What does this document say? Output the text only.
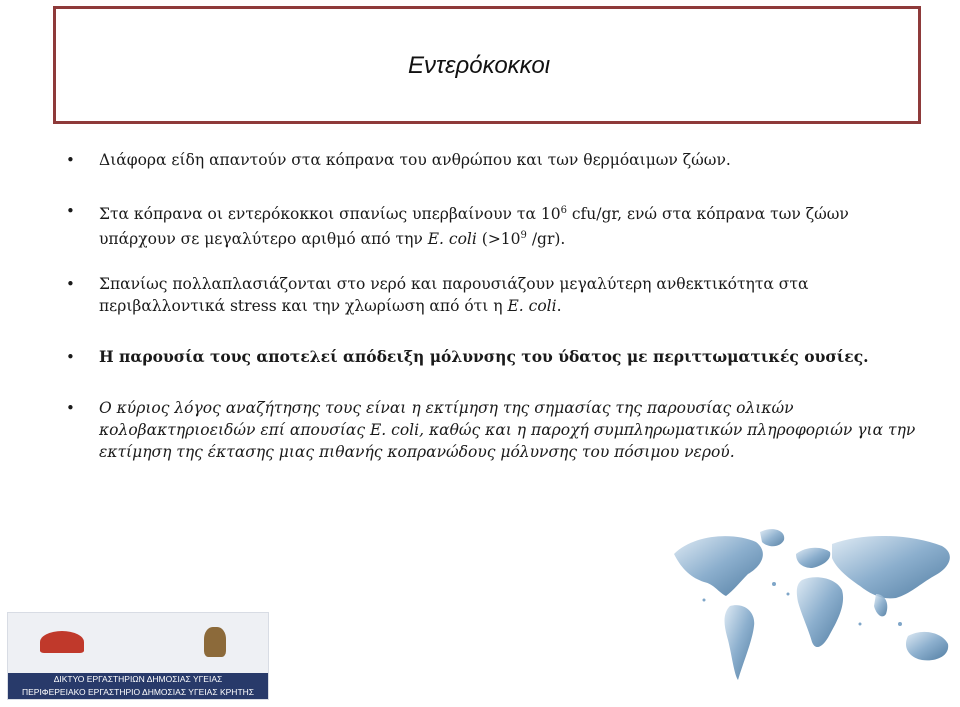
Εντερόκοκκοι
• Διάφορα είδη απαντούν στα κόπρανα του ανθρώπου και των θερμόαιμων ζώων.
• Στα κόπρανα οι εντερόκοκκοι σπανίως υπερβαίνουν τα $10^6$ cfu/gr, ενώ στα κόπρανα των ζώων υπάρχουν σε μεγαλύτερο αριθμό από την E. coli ($>10^9$ /gr).
• Σπανίως πολλαπλασιάζονται στο νερό και παρουσιάζουν μεγαλύτερη ανθεκτικότητα στα περιβαλλοντικά stress και την χλωρίωση από ότι η E. coli.
• Η παρουσία τους αποτελεί απόδειξη μόλυνσης του ύδατος με περιττωματικές ουσίες.
• Ο κύριος λόγος αναζήτησης τους είναι η εκτίμηση της σημασίας της παρουσίας ολικών κολοβακτηριοειδών επί απουσίας E. coli, καθώς και η παροχή συμπληρωματικών πληροφοριών για την εκτίμηση της έκτασης μιας πιθανής κοπρανώδους μόλυνσης του πόσιμου νερού.
ΔΙΚΤΥΟ ΕΡΓΑΣΤΗΡΙΩΝ ΔΗΜΟΣΙΑΣ ΥΓΕΙΑΣ
ΠΕΡΙΦΕΡΕΙΑΚΟ ΕΡΓΑΣΤΗΡΙΟ ΔΗΜΟΣΙΑΣ ΥΓΕΙΑΣ ΚΡΗΤΗΣ
